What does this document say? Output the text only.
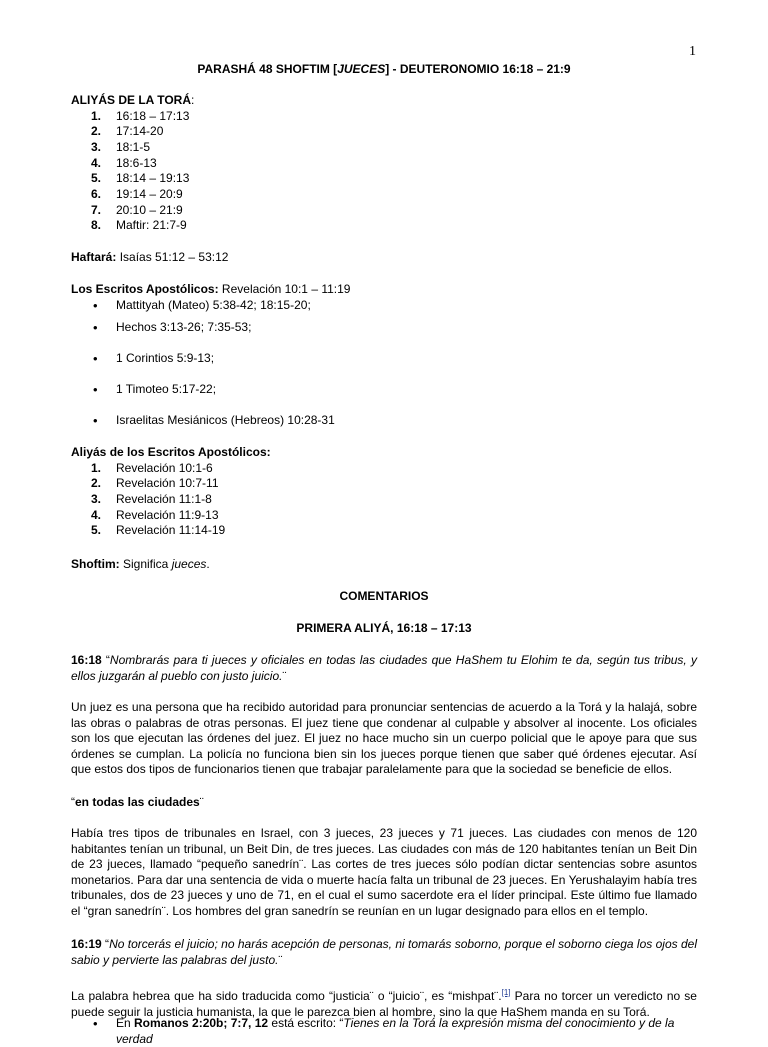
1
PARASHÁ 48 SHOFTIM [JUECES] - DEUTERONOMIO 16:18 – 21:9
ALIYÁS DE LA TORÁ:
1. 16:18 – 17:13
2. 17:14-20
3. 18:1-5
4. 18:6-13
5. 18:14 – 19:13
6. 19:14 – 20:9
7. 20:10 – 21:9
8. Maftir: 21:7-9
Haftará: Isaías 51:12 – 53:12
Los Escritos Apostólicos: Revelación 10:1 – 11:19
• Mattityah (Mateo) 5:38-42; 18:15-20;
• Hechos 3:13-26; 7:35-53;
• 1 Corintios 5:9-13;
• 1 Timoteo 5:17-22;
• Israelitas Mesiánicos (Hebreos) 10:28-31
Aliyás de los Escritos Apostólicos:
1. Revelación 10:1-6
2. Revelación 10:7-11
3. Revelación 11:1-8
4. Revelación 11:9-13
5. Revelación 11:14-19
Shoftim: Significa jueces.
COMENTARIOS
PRIMERA ALIYÁ, 16:18 – 17:13
16:18 “Nombrarás para ti jueces y oficiales en todas las ciudades que HaShem tu Elohim te da, según tus tribus, y ellos juzgarán al pueblo con justo juicio.¨
Un juez es una persona que ha recibido autoridad para pronunciar sentencias de acuerdo a la Torá y la halajá, sobre las obras o palabras de otras personas. El juez tiene que condenar al culpable y absolver al inocente. Los oficiales son los que ejecutan las órdenes del juez. El juez no hace mucho sin un cuerpo policial que le apoye para que sus órdenes se cumplan. La policía no funciona bien sin los jueces porque tienen que saber qué órdenes ejecutar. Así que estos dos tipos de funcionarios tienen que trabajar paralelamente para que la sociedad se beneficie de ellos.
“en todas las ciudades¨
Había tres tipos de tribunales en Israel, con 3 jueces, 23 jueces y 71 jueces. Las ciudades con menos de 120 habitantes tenían un tribunal, un Beit Din, de tres jueces. Las ciudades con más de 120 habitantes tenían un Beit Din de 23 jueces, llamado “pequeño sanedrín¨. Las cortes de tres jueces sólo podían dictar sentencias sobre asuntos monetarios. Para dar una sentencia de vida o muerte hacía falta un tribunal de 23 jueces. En Yerushalayim había tres tribunales, dos de 23 jueces y uno de 71, en el cual el sumo sacerdote era el líder principal. Este último fue llamado el “gran sanedrín¨. Los hombres del gran sanedrín se reunían en un lugar designado para ellos en el templo.
16:19 “No torcerás el juicio; no harás acepción de personas, ni tomarás soborno, porque el soborno ciega los ojos del sabio y pervierte las palabras del justo.¨
La palabra hebrea que ha sido traducida como “justicia¨ o “juicio¨, es “mishpat¨.[1] Para no torcer un veredicto no se puede seguir la justicia humanista, la que le parezca bien al hombre, sino la que HaShem manda en su Torá.
• En Romanos 2:20b; 7:7, 12 está escrito: “Tienes en la Torá la expresión misma del conocimiento y de la verdad
